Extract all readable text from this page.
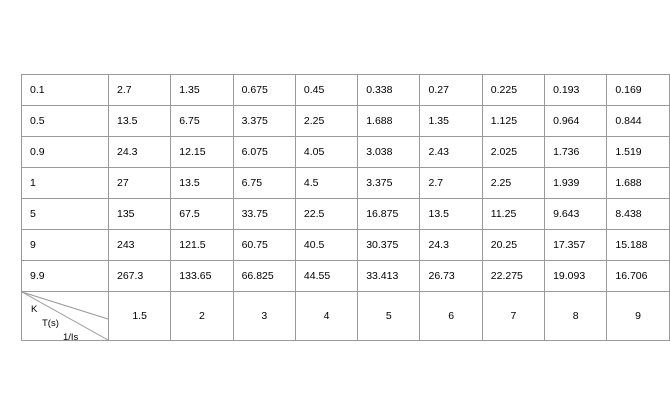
0.1	2.7	1.35	0.675	0.45	0.338	0.27	0.225	0.193	0.169
0.5	13.5	6.75	3.375	2.25	1.688	1.35	1.125	0.964	0.844
0.9	24.3	12.15	6.075	4.05	3.038	2.43	2.025	1.736	1.519
1	27	13.5	6.75	4.5	3.375	2.7	2.25	1.939	1.688
5	135	67.5	33.75	22.5	16.875	13.5	11.25	9.643	8.438
9	243	121.5	60.75	40.5	30.375	24.3	20.25	17.357	15.188
9.9	267.3	133.65	66.825	44.55	33.413	26.73	22.275	19.093	16.706

K
T(s)
1/Is	1.5	2	3	4	5	6	7	8	9
